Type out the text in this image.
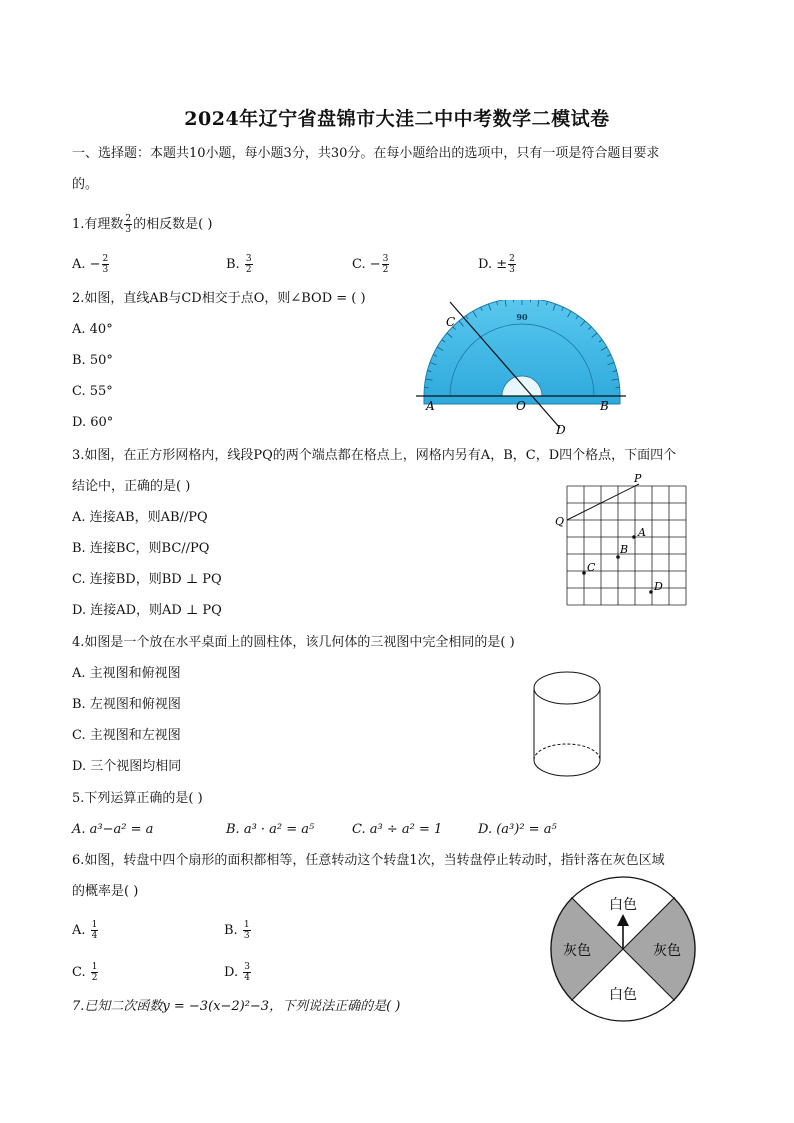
2024年辽宁省盘锦市大洼二中中考数学二模试卷
一、选择题：本题共10小题，每小题3分，共30分。在每小题给出的选项中，只有一项是符合题目要求
的。
1.有理数 $\frac{2}{3}$ 的相反数是( )
A. − $\frac{2}{3}$	B. $\frac{3}{2}$	C. − $\frac{3}{2}$	D. ± $\frac{2}{3}$
2.如图，直线AB与CD相交于点O，则∠BOD = ( )
A. 40°
B. 50°
C. 55°
D. 60°
90
A	O	B
C
D
3.如图，在正方形网格内，线段PQ的两个端点都在格点上，网格内另有A，B，C，D四个格点，下面四个
结论中，正确的是( )
A. 连接AB，则AB//PQ
B. 连接BC，则BC//PQ
C. 连接BD，则BD ⊥ PQ
D. 连接AD，则AD ⊥ PQ
P
Q
A
B
C
D
4.如图是一个放在水平桌面上的圆柱体，该几何体的三视图中完全相同的是( )
A. 主视图和俯视图
B. 左视图和俯视图
C. 主视图和左视图
D. 三个视图均相同
5.下列运算正确的是( )
A. a³−a² = a	B. a³ · a² = a⁵	C. a³ ÷ a² = 1	D. (a³)² = a⁵
6.如图，转盘中四个扇形的面积都相等，任意转动这个转盘1次，当转盘停止转动时，指针落在灰色区域
的概率是( )
A. $\frac{1}{4}$	B. $\frac{1}{3}$
C. $\frac{1}{2}$	D. $\frac{3}{4}$
白色
白色
灰色	灰色
7.已知二次函数y = −3(x−2)²−3，下列说法正确的是( )
